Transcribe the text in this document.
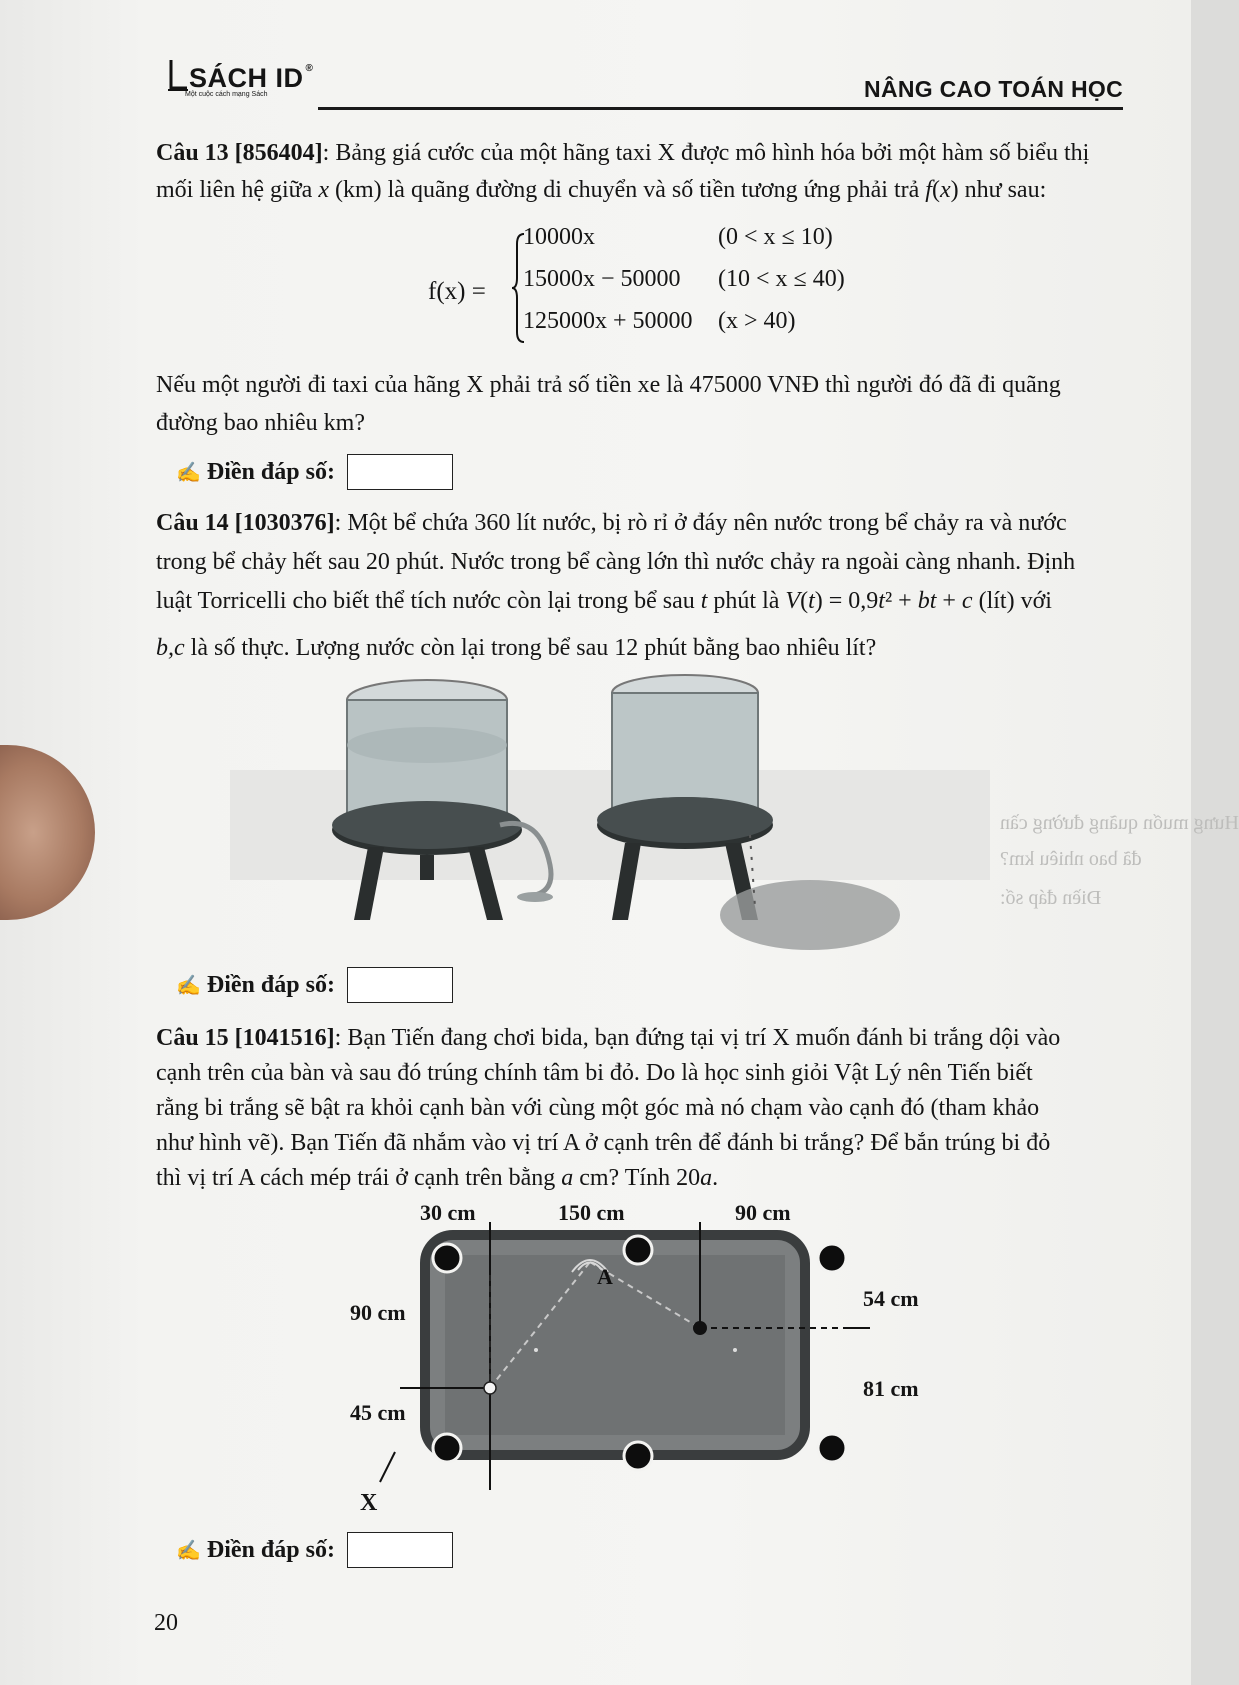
SÁCH ID ®
Một cuộc cách mạng Sách	NÂNG CAO TOÁN HỌC
Câu 13 [856404]: Bảng giá cước của một hãng taxi X được mô hình hóa bởi một hàm số biểu thị
mối liên hệ giữa x (km) là quãng đường di chuyển và số tiền tương ứng phải trả f(x) như sau:
f(x) =
10000x	(0 < x ≤ 10)
15000x − 50000 (10 < x ≤ 40)
125000x + 50000 (x > 40)
Nếu một người đi taxi của hãng X phải trả số tiền xe là 475000 VNĐ thì người đó đã đi quãng
đường bao nhiêu km?
✍ Điền đáp số:
Câu 14 [1030376]: Một bể chứa 360 lít nước, bị rò rỉ ở đáy nên nước trong bể chảy ra và nước
trong bể chảy hết sau 20 phút. Nước trong bể càng lớn thì nước chảy ra ngoài càng nhanh. Định
luật Torricelli cho biết thể tích nước còn lại trong bể sau t phút là V(t) = 0,9t² + bt + c (lít) với
b,c là số thực. Lượng nước còn lại trong bể sau 12 phút bằng bao nhiêu lít?
Hưng muốn quãng đường cần
đã bao nhiêu km?
Điền đáp số:
✍ Điền đáp số:
Câu 15 [1041516]: Bạn Tiến đang chơi bida, bạn đứng tại vị trí X muốn đánh bi trắng dội vào
cạnh trên của bàn và sau đó trúng chính tâm bi đỏ. Do là học sinh giỏi Vật Lý nên Tiến biết
rằng bi trắng sẽ bật ra khỏi cạnh bàn với cùng một góc mà nó chạm vào cạnh đó (tham khảo
như hình vẽ). Bạn Tiến đã nhắm vào vị trí A ở cạnh trên để đánh bi trắng? Để bắn trúng bi đỏ
thì vị trí A cách mép trái ở cạnh trên bằng a cm? Tính 20a.
30 cm	150 cm	90 cm
90 cm
45 cm
54 cm
81 cm
A
X
✍ Điền đáp số:
20
